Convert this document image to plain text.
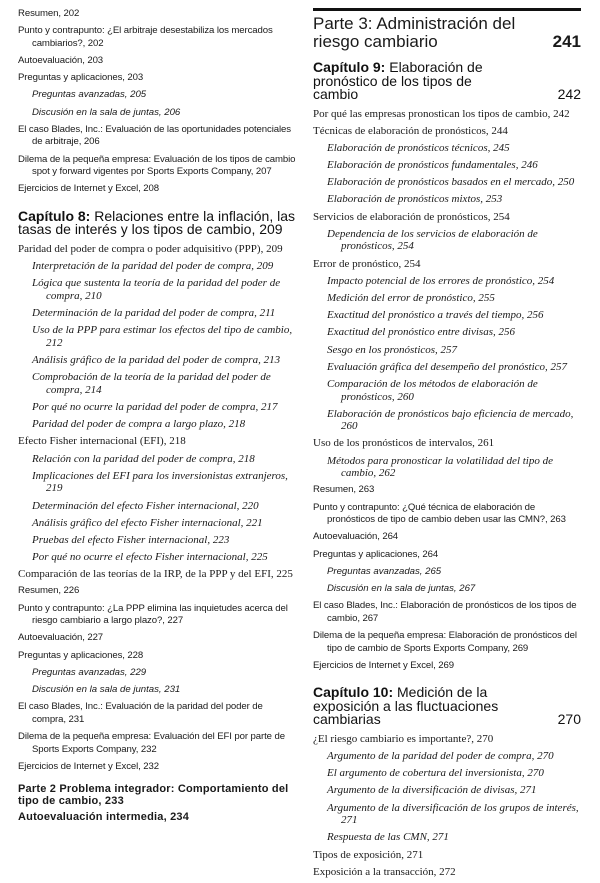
Resumen, 202
Punto y contrapunto: ¿El arbitraje desestabiliza los mercados cambiarios?, 202
Autoevaluación, 203
Preguntas y aplicaciones, 203
Preguntas avanzadas, 205
Discusión en la sala de juntas, 206
El caso Blades, Inc.: Evaluación de las oportunidades potenciales de arbitraje, 206
Dilema de la pequeña empresa: Evaluación de los tipos de cambio spot y forward vigentes por Sports Exports Company, 207
Ejercicios de Internet y Excel, 208
Capítulo 8: Relaciones entre la inflación, las tasas de interés y los tipos de cambio, 209
Paridad del poder de compra o poder adquisitivo (PPP), 209
Interpretación de la paridad del poder de compra, 209
Lógica que sustenta la teoría de la paridad del poder de compra, 210
Determinación de la paridad del poder de compra, 211
Uso de la PPP para estimar los efectos del tipo de cambio, 212
Análisis gráfico de la paridad del poder de compra, 213
Comprobación de la teoría de la paridad del poder de compra, 214
Por qué no ocurre la paridad del poder de compra, 217
Paridad del poder de compra a largo plazo, 218
Efecto Fisher internacional (EFI), 218
Relación con la paridad del poder de compra, 218
Implicaciones del EFI para los inversionistas extranjeros, 219
Determinación del efecto Fisher internacional, 220
Análisis gráfico del efecto Fisher internacional, 221
Pruebas del efecto Fisher internacional, 223
Por qué no ocurre el efecto Fisher internacional, 225
Comparación de las teorías de la IRP, de la PPP y del EFI, 225
Resumen, 226
Punto y contrapunto: ¿La PPP elimina las inquietudes acerca del riesgo cambiario a largo plazo?, 227
Autoevaluación, 227
Preguntas y aplicaciones, 228
Preguntas avanzadas, 229
Discusión en la sala de juntas, 231
El caso Blades, Inc.: Evaluación de la paridad del poder de compra, 231
Dilema de la pequeña empresa: Evaluación del EFI por parte de Sports Exports Company, 232
Ejercicios de Internet y Excel, 232
Parte 2 Problema integrador: Comportamiento del tipo de cambio, 233
Autoevaluación intermedia, 234
Parte 3: Administración del riesgo cambiario	241
Capítulo 9: Elaboración de pronóstico de los tipos de cambio	242
Por qué las empresas pronostican los tipos de cambio, 242
Técnicas de elaboración de pronósticos, 244
Elaboración de pronósticos técnicos, 245
Elaboración de pronósticos fundamentales, 246
Elaboración de pronósticos basados en el mercado, 250
Elaboración de pronósticos mixtos, 253
Servicios de elaboración de pronósticos, 254
Dependencia de los servicios de elaboración de pronósticos, 254
Error de pronóstico, 254
Impacto potencial de los errores de pronóstico, 254
Medición del error de pronóstico, 255
Exactitud del pronóstico a través del tiempo, 256
Exactitud del pronóstico entre divisas, 256
Sesgo en los pronósticos, 257
Evaluación gráfica del desempeño del pronóstico, 257
Comparación de los métodos de elaboración de pronósticos, 260
Elaboración de pronósticos bajo eficiencia de mercado, 260
Uso de los pronósticos de intervalos, 261
Métodos para pronosticar la volatilidad del tipo de cambio, 262
Resumen, 263
Punto y contrapunto: ¿Qué técnica de elaboración de pronósticos de tipo de cambio deben usar las CMN?, 263
Autoevaluación, 264
Preguntas y aplicaciones, 264
Preguntas avanzadas, 265
Discusión en la sala de juntas, 267
El caso Blades, Inc.: Elaboración de pronósticos de los tipos de cambio, 267
Dilema de la pequeña empresa: Elaboración de pronósticos del tipo de cambio de Sports Exports Company, 269
Ejercicios de Internet y Excel, 269
Capítulo 10: Medición de la exposición a las fluctuaciones cambiarias	270
¿El riesgo cambiario es importante?, 270
Argumento de la paridad del poder de compra, 270
El argumento de cobertura del inversionista, 270
Argumento de la diversificación de divisas, 271
Argumento de la diversificación de los grupos de interés, 271
Respuesta de las CMN, 271
Tipos de exposición, 271
Exposición a la transacción, 272
